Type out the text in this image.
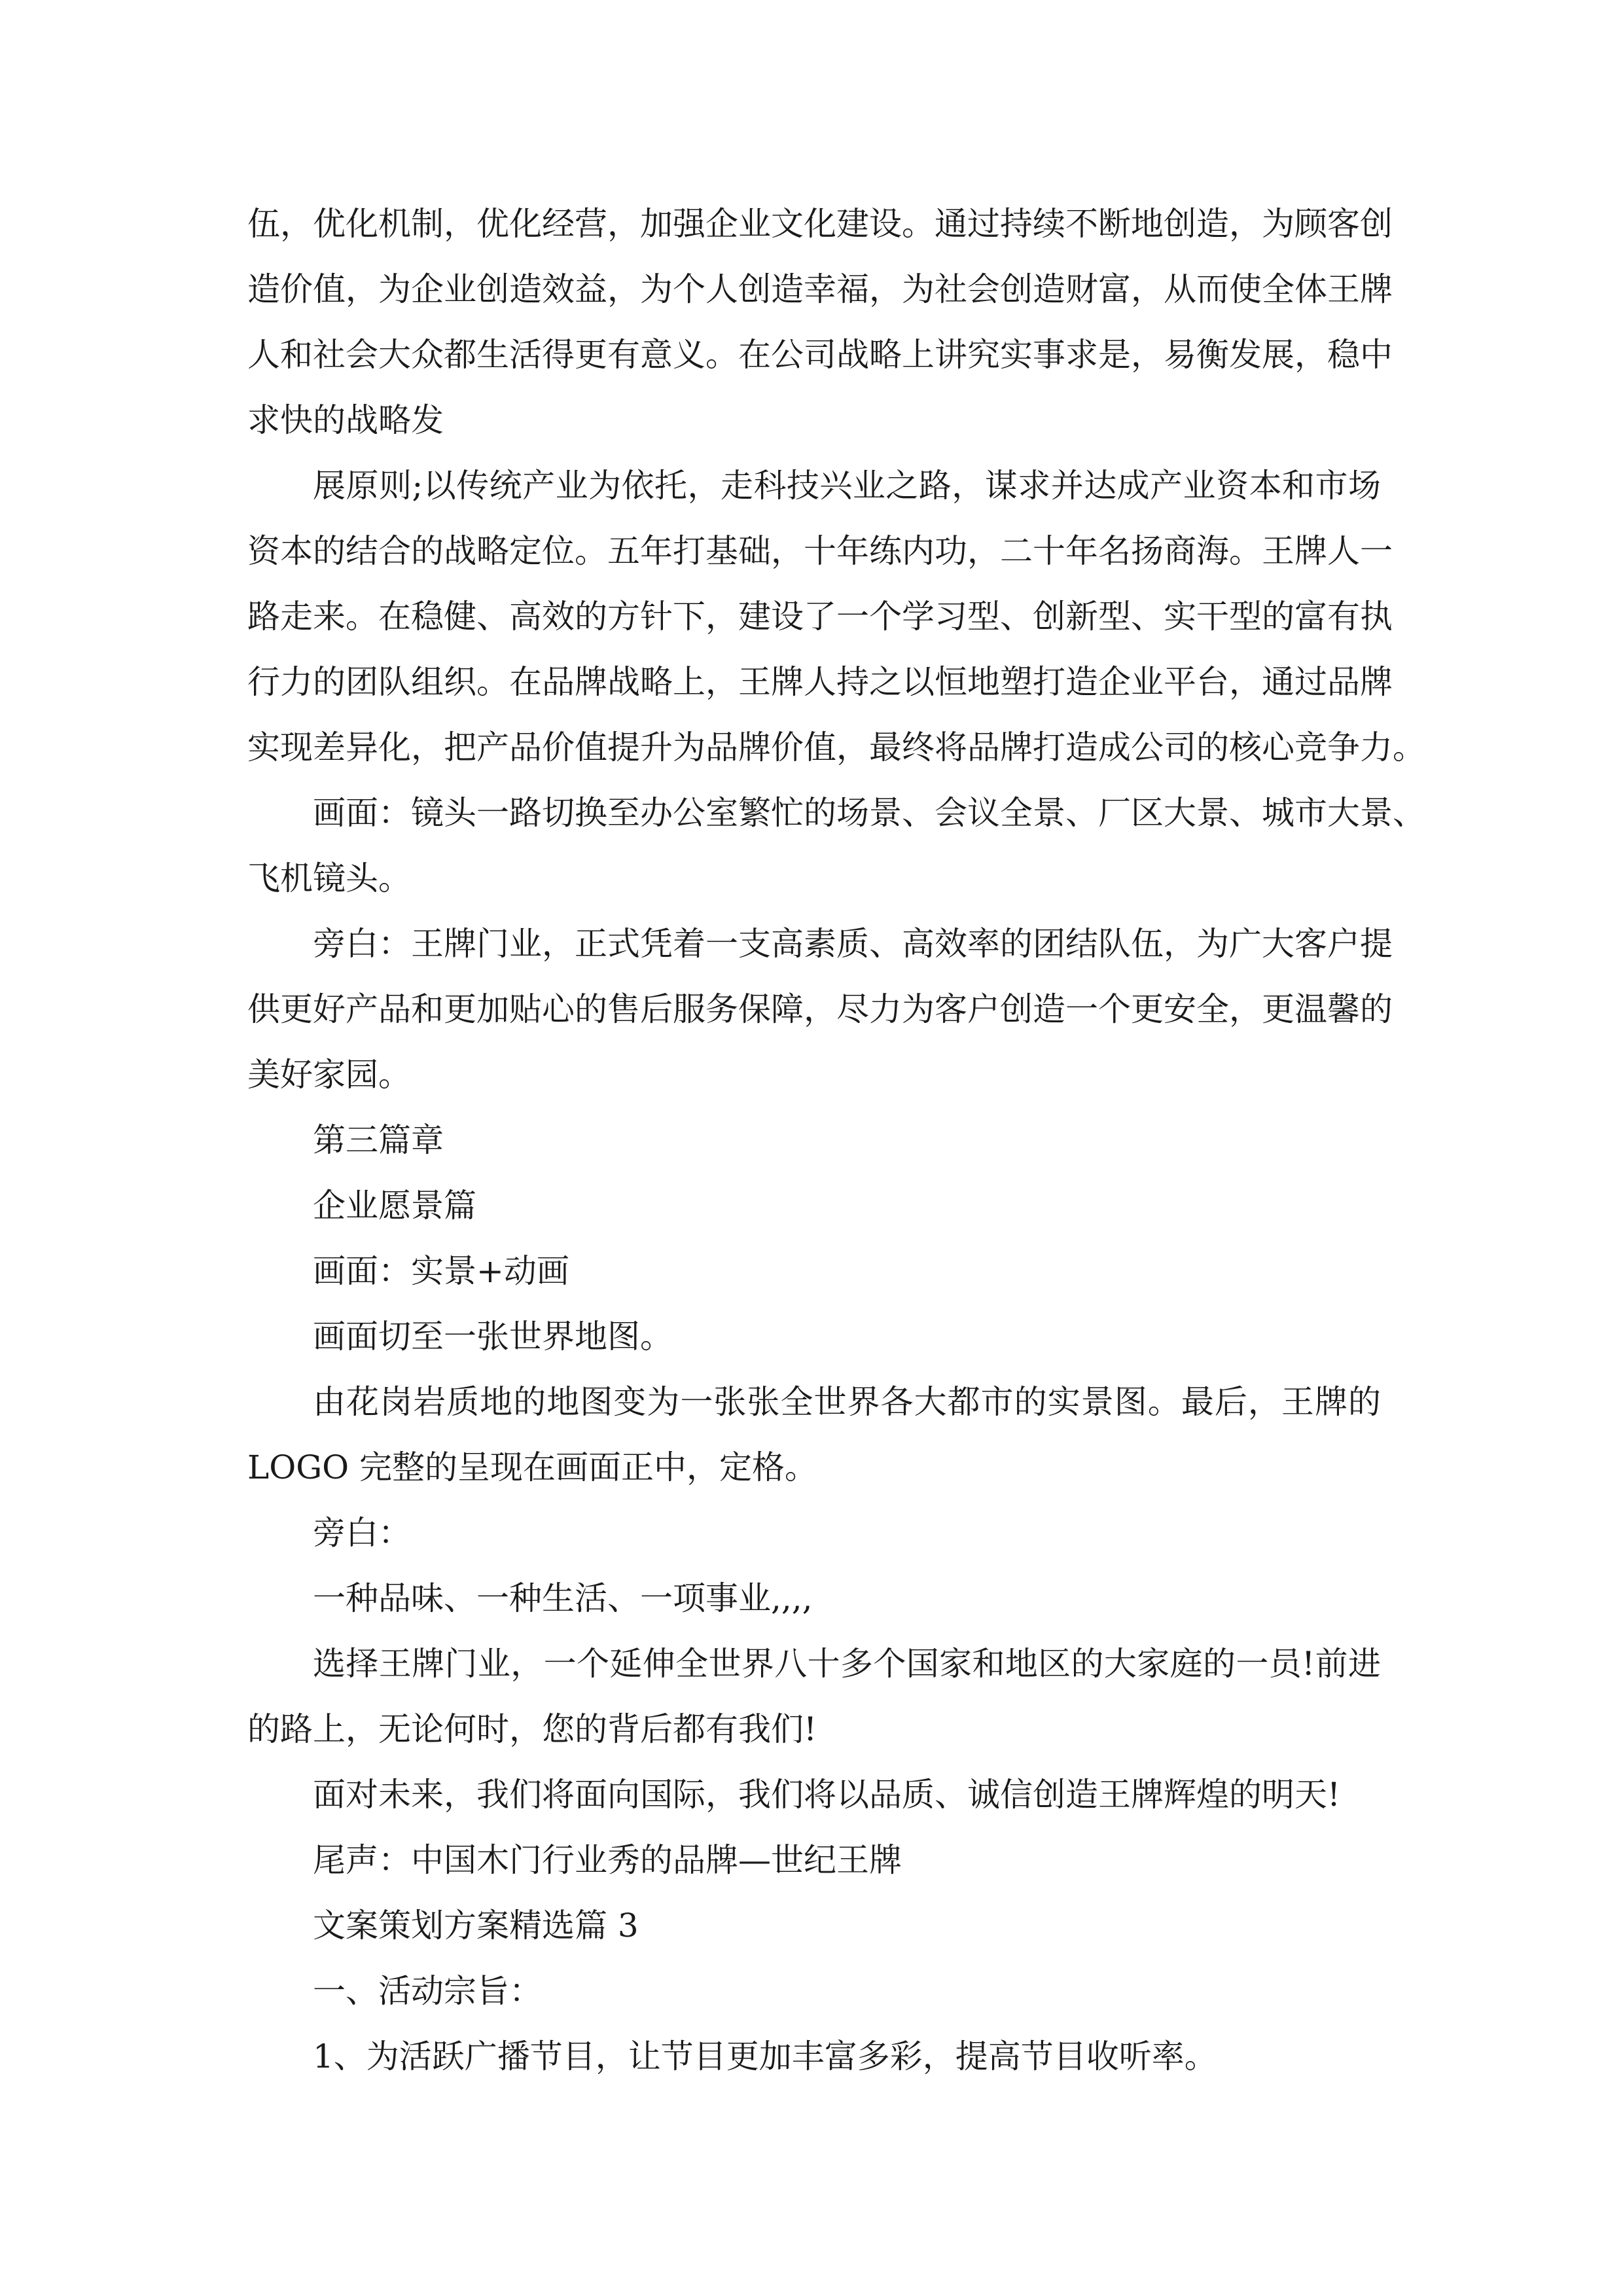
伍，优化机制，优化经营，加强企业文化建设。通过持续不断地创造，为顾客创
造价值，为企业创造效益，为个人创造幸福，为社会创造财富，从而使全体王牌
人和社会大众都生活得更有意义。在公司战略上讲究实事求是，易衡发展，稳中
求快的战略发
展原则;以传统产业为依托，走科技兴业之路，谋求并达成产业资本和市场
资本的结合的战略定位。五年打基础，十年练内功，二十年名扬商海。王牌人一
路走来。在稳健、高效的方针下，建设了一个学习型、创新型、实干型的富有执
行力的团队组织。在品牌战略上，王牌人持之以恒地塑打造企业平台，通过品牌
实现差异化，把产品价值提升为品牌价值，最终将品牌打造成公司的核心竞争力。
画面：镜头一路切换至办公室繁忙的场景、会议全景、厂区大景、城市大景、
飞机镜头。
旁白：王牌门业，正式凭着一支高素质、高效率的团结队伍，为广大客户提
供更好产品和更加贴心的售后服务保障，尽力为客户创造一个更安全，更温馨的
美好家园。
第三篇章
企业愿景篇
画面：实景+动画
画面切至一张世界地图。
由花岗岩质地的地图变为一张张全世界各大都市的实景图。最后，王牌的
LOGO 完整的呈现在画面正中，定格。
旁白：
一种品味、一种生活、一项事业,,,,
选择王牌门业，一个延伸全世界八十多个国家和地区的大家庭的一员!前进
的路上，无论何时，您的背后都有我们!
面对未来，我们将面向国际，我们将以品质、诚信创造王牌辉煌的明天!
尾声：中国木门行业秀的品牌—世纪王牌
文案策划方案精选篇 3
一、活动宗旨：
1、为活跃广播节目，让节目更加丰富多彩，提高节目收听率。
